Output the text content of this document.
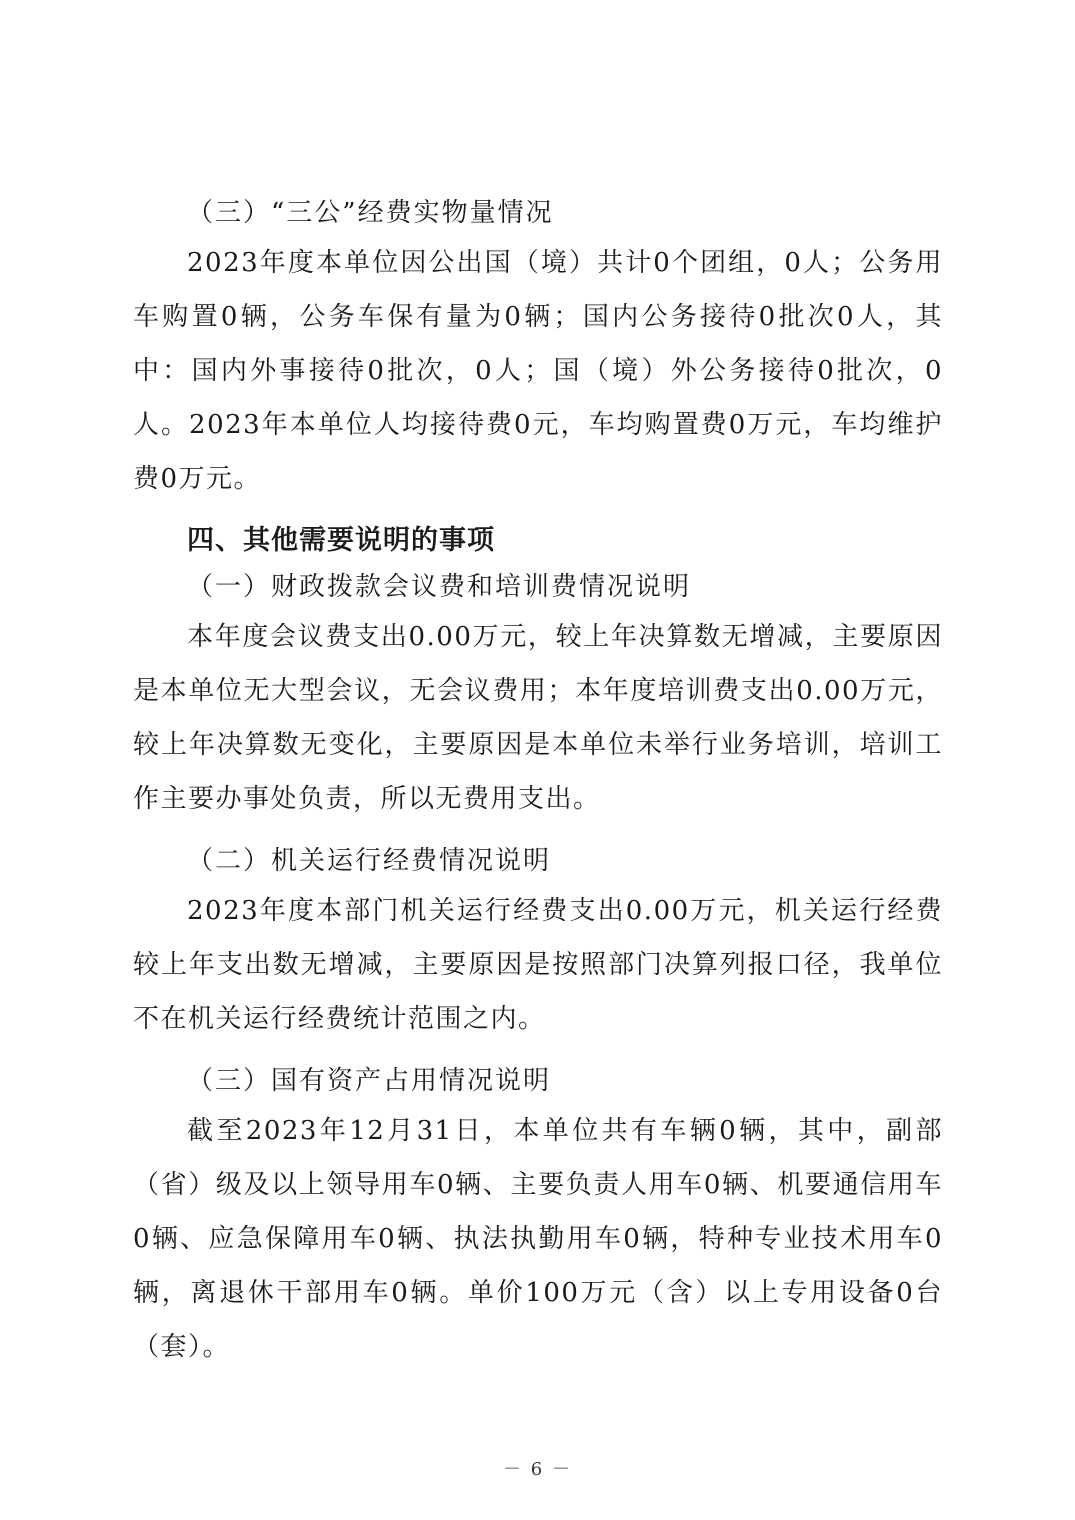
（三）“三公”经费实物量情况

2023年度本单位因公出国（境）共计0个团组，0人；公务用车购置0辆，公务车保有量为0辆；国内公务接待0批次0人，其中：国内外事接待0批次，0人；国（境）外公务接待0批次，0人。2023年本单位人均接待费0元，车均购置费0万元，车均维护费0万元。

四、其他需要说明的事项
（一）财政拨款会议费和培训费情况说明

本年度会议费支出0.00万元，较上年决算数无增减，主要原因是本单位无大型会议，无会议费用；本年度培训费支出0.00万元，较上年决算数无变化，主要原因是本单位未举行业务培训，培训工作主要办事处负责，所以无费用支出。

（二）机关运行经费情况说明

2023年度本部门机关运行经费支出0.00万元，机关运行经费较上年支出数无增减，主要原因是按照部门决算列报口径，我单位不在机关运行经费统计范围之内。

（三）国有资产占用情况说明

截至2023年12月31日，本单位共有车辆0辆，其中，副部（省）级及以上领导用车0辆、主要负责人用车0辆、机要通信用车0辆、应急保障用车0辆、执法执勤用车0辆，特种专业技术用车0辆，离退休干部用车0辆。单价100万元（含）以上专用设备0台（套）。

－ 6 －
